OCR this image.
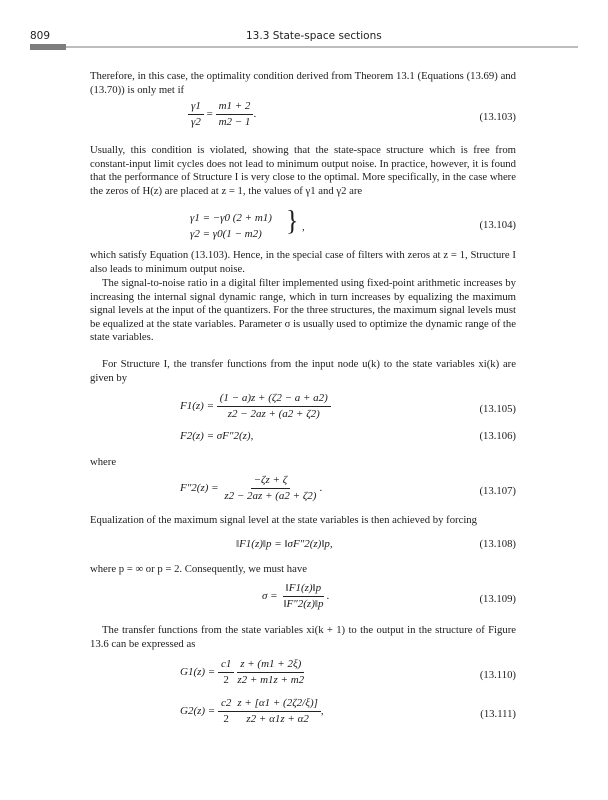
809	13.3 State-space sections

Therefore, in this case, the optimality condition derived from Theorem 13.1 (Equations (13.69) and (13.70)) is only met if

$\frac{\gamma 1}{\gamma 2} = \frac{m1 + 2}{m2 - 1}$ .	(13.103)

Usually, this condition is violated, showing that the state-space structure which is free from constant-input limit cycles does not lead to minimum output noise. In practice, however, it is found that the performance of Structure I is very close to the optimal. More specifically, in the case where the zeros of H(z) are placed at z = 1, the values of γ1 and γ2 are

γ1 = −γ0 (2 + m1)
γ2 = γ0(1 − m2) } ,	(13.104)

which satisfy Equation (13.103). Hence, in the special case of filters with zeros at z = 1, Structure I also leads to minimum output noise.

The signal-to-noise ratio in a digital filter implemented using fixed-point arithmetic increases by increasing the internal signal dynamic range, which in turn increases by equalizing the maximum signal levels at the input of the quantizers. For the three structures, the maximum signal levels must be equalized at the state variables. Parameter σ is usually used to optimize the dynamic range of the state variables.

For Structure I, the transfer functions from the input node u(k) to the state variables xi(k) are given by

$F1(z) = \frac{(1 - a)z + (\zeta 2 - a + a2)}{z2 - 2az + (a2 + \zeta 2)}$	(13.105)
F2(z) = σF″2(z),	(13.106)

where

$F''2(z) = \frac{-\zeta z + \zeta}{z2 - 2az + (a2 + \zeta 2)}$ .	(13.107)

Equalization of the maximum signal level at the state variables is then achieved by forcing

‖F1(z)‖p = ‖σF″2(z)‖p,	(13.108)

where p = ∞ or p = 2. Consequently, we must have

$\sigma = \frac{‖F1(z)‖p}{‖F''2(z)‖p}$ .	(13.109)

The transfer functions from the state variables xi(k + 1) to the output in the structure of Figure 13.6 can be expressed as

$G1(z) = \frac{c1}{2} \frac{z + (m1 + 2\xi)}{z2 + m1z + m2}$	(13.110)
$G2(z) = \frac{c2}{2} \frac{z + [\alpha 1 + (2\zeta 2/\xi)]}{z2 + \alpha 1z + \alpha 2}$ ,	(13.111)
